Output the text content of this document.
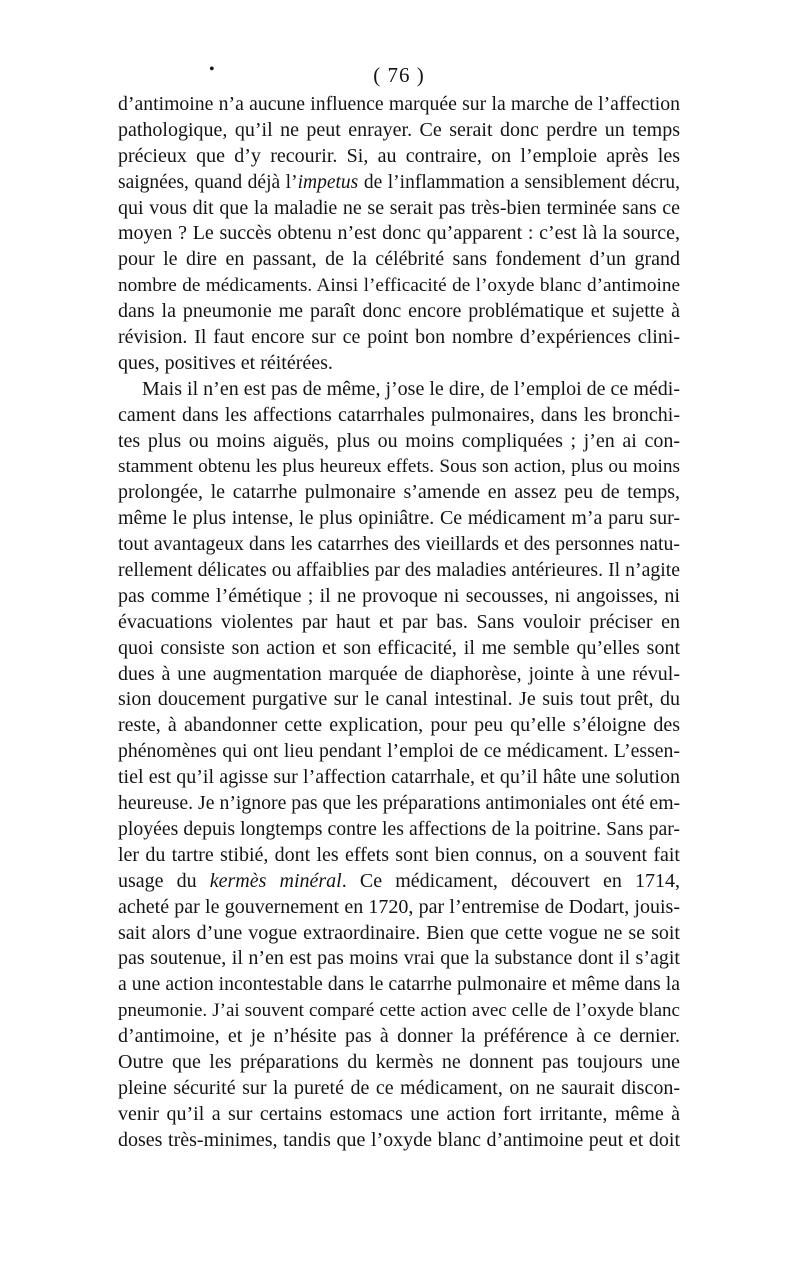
•	( 76 )
d’antimoine n’a aucune influence marquée sur la marche de l’affection
pathologique, qu’il ne peut enrayer. Ce serait donc perdre un temps
précieux que d’y recourir. Si, au contraire, on l’emploie après les
saignées, quand déjà l’impetus de l’inflammation a sensiblement décru,
qui vous dit que la maladie ne se serait pas très-bien terminée sans ce
moyen ? Le succès obtenu n’est donc qu’apparent : c’est là la source,
pour le dire en passant, de la célébrité sans fondement d’un grand
nombre de médicaments. Ainsi l’efficacité de l’oxyde blanc d’antimoine
dans la pneumonie me paraît donc encore problématique et sujette à
révision. Il faut encore sur ce point bon nombre d’expériences clini-
ques, positives et réitérées.
Mais il n’en est pas de même, j’ose le dire, de l’emploi de ce médi-
cament dans les affections catarrhales pulmonaires, dans les bronchi-
tes plus ou moins aiguës, plus ou moins compliquées ; j’en ai con-
stamment obtenu les plus heureux effets. Sous son action, plus ou moins
prolongée, le catarrhe pulmonaire s’amende en assez peu de temps,
même le plus intense, le plus opiniâtre. Ce médicament m’a paru sur-
tout avantageux dans les catarrhes des vieillards et des personnes natu-
rellement délicates ou affaiblies par des maladies antérieures. Il n’agite
pas comme l’émétique ; il ne provoque ni secousses, ni angoisses, ni
évacuations violentes par haut et par bas. Sans vouloir préciser en
quoi consiste son action et son efficacité, il me semble qu’elles sont
dues à une augmentation marquée de diaphorèse, jointe à une révul-
sion doucement purgative sur le canal intestinal. Je suis tout prêt, du
reste, à abandonner cette explication, pour peu qu’elle s’éloigne des
phénomènes qui ont lieu pendant l’emploi de ce médicament. L’essen-
tiel est qu’il agisse sur l’affection catarrhale, et qu’il hâte une solution
heureuse. Je n’ignore pas que les préparations antimoniales ont été em-
ployées depuis longtemps contre les affections de la poitrine. Sans par-
ler du tartre stibié, dont les effets sont bien connus, on a souvent fait
usage du kermès minéral. Ce médicament, découvert en 1714,
acheté par le gouvernement en 1720, par l’entremise de Dodart, jouis-
sait alors d’une vogue extraordinaire. Bien que cette vogue ne se soit
pas soutenue, il n’en est pas moins vrai que la substance dont il s’agit
a une action incontestable dans le catarrhe pulmonaire et même dans la
pneumonie. J’ai souvent comparé cette action avec celle de l’oxyde blanc
d’antimoine, et je n’hésite pas à donner la préférence à ce dernier.
Outre que les préparations du kermès ne donnent pas toujours une
pleine sécurité sur la pureté de ce médicament, on ne saurait discon-
venir qu’il a sur certains estomacs une action fort irritante, même à
doses très-minimes, tandis que l’oxyde blanc d’antimoine peut et doit
